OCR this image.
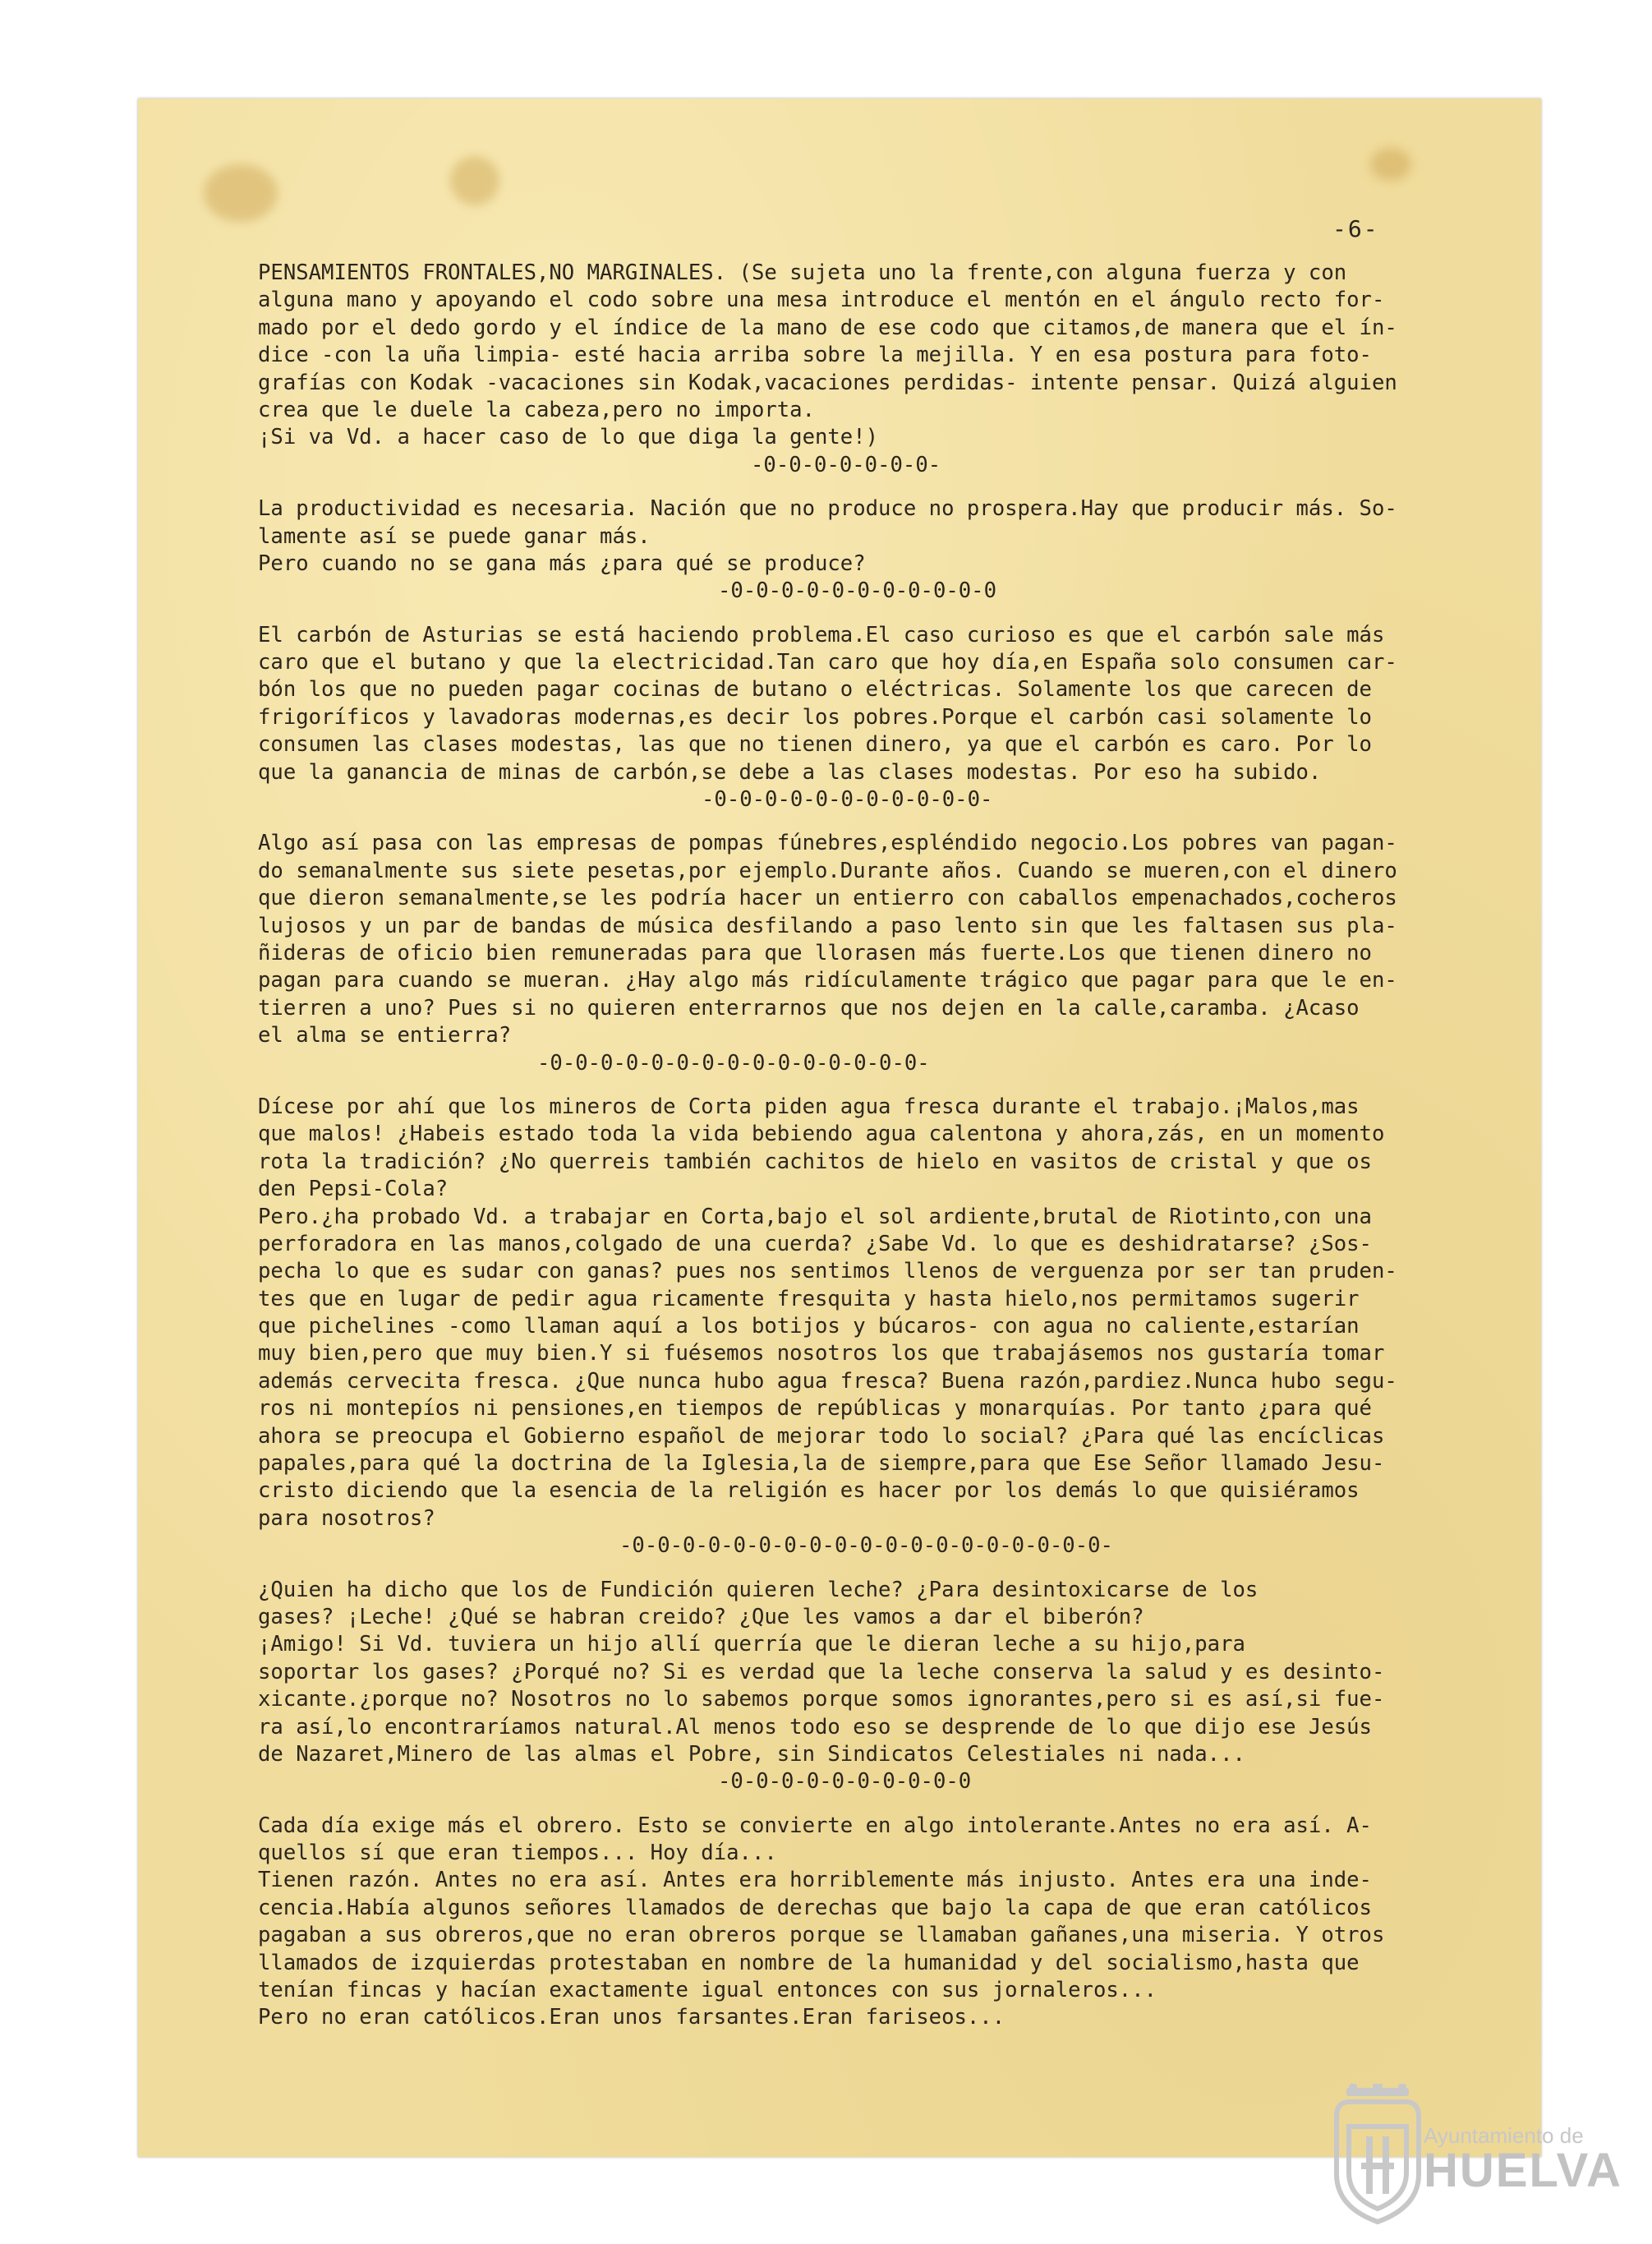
-6-
PENSAMIENTOS FRONTALES,NO MARGINALES. (Se sujeta uno la frente,con alguna fuerza y con
alguna mano y apoyando el codo sobre una mesa introduce el mentón en el ángulo recto for-
mado por el dedo gordo y el índice de la mano de ese codo que citamos,de manera que el ín-
dice -con la uña limpia- esté hacia arriba sobre la mejilla. Y en esa postura para foto-
grafías con Kodak -vacaciones sin Kodak,vacaciones perdidas- intente pensar. Quizá alguien
crea que le duele la cabeza,pero no importa.
¡Si va Vd. a hacer caso de lo que diga la gente!)
-0-0-0-0-0-0-0-
La productividad es necesaria. Nación que no produce no prospera.Hay que producir más. So-
lamente así se puede ganar más.
Pero cuando no se gana más ¿para qué se produce?
-0-0-0-0-0-0-0-0-0-0-0
El carbón de Asturias se está haciendo problema.El caso curioso es que el carbón sale más
caro que el butano y que la electricidad.Tan caro que hoy día,en España solo consumen car-
bón los que no pueden pagar cocinas de butano o eléctricas. Solamente los que carecen de
frigoríficos y lavadoras modernas,es decir los pobres.Porque el carbón casi solamente lo
consumen las clases modestas, las que no tienen dinero, ya que el carbón es caro. Por lo
que la ganancia de minas de carbón,se debe a las clases modestas. Por eso ha subido.
-0-0-0-0-0-0-0-0-0-0-0-
Algo así pasa con las empresas de pompas fúnebres,espléndido negocio.Los pobres van pagan-
do semanalmente sus siete pesetas,por ejemplo.Durante años. Cuando se mueren,con el dinero
que dieron semanalmente,se les podría hacer un entierro con caballos empenachados,cocheros
lujosos y un par de bandas de música desfilando a paso lento sin que les faltasen sus pla-
ñideras de oficio bien remuneradas para que llorasen más fuerte.Los que tienen dinero no
pagan para cuando se mueran. ¿Hay algo más ridículamente trágico que pagar para que le en-
tierren a uno? Pues si no quieren enterrarnos que nos dejen en la calle,caramba. ¿Acaso
el alma se entierra?
-0-0-0-0-0-0-0-0-0-0-0-0-0-0-0-
Dícese por ahí que los mineros de Corta piden agua fresca durante el trabajo.¡Malos,mas
que malos! ¿Habeis estado toda la vida bebiendo agua calentona y ahora,zás, en un momento
rota la tradición? ¿No querreis también cachitos de hielo en vasitos de cristal y que os
den Pepsi-Cola?
Pero.¿ha probado Vd. a trabajar en Corta,bajo el sol ardiente,brutal de Riotinto,con una
perforadora en las manos,colgado de una cuerda? ¿Sabe Vd. lo que es deshidratarse? ¿Sos-
pecha lo que es sudar con ganas? pues nos sentimos llenos de verguenza por ser tan pruden-
tes que en lugar de pedir agua ricamente fresquita y hasta hielo,nos permitamos sugerir
que pichelines -como llaman aquí a los botijos y búcaros- con agua no caliente,estarían
muy bien,pero que muy bien.Y si fuésemos nosotros los que trabajásemos nos gustaría tomar
además cervecita fresca. ¿Que nunca hubo agua fresca? Buena razón,pardiez.Nunca hubo segu-
ros ni montepíos ni pensiones,en tiempos de repúblicas y monarquías. Por tanto ¿para qué
ahora se preocupa el Gobierno español de mejorar todo lo social? ¿Para qué las encíclicas
papales,para qué la doctrina de la Iglesia,la de siempre,para que Ese Señor llamado Jesu-
cristo diciendo que la esencia de la religión es hacer por los demás lo que quisiéramos
para nosotros?
-0-0-0-0-0-0-0-0-0-0-0-0-0-0-0-0-0-0-0-
¿Quien ha dicho que los de Fundición quieren leche? ¿Para desintoxicarse de los
gases? ¡Leche! ¿Qué se habran creido? ¿Que les vamos a dar el biberón?
¡Amigo! Si Vd. tuviera un hijo allí querría que le dieran leche a su hijo,para
soportar los gases? ¿Porqué no? Si es verdad que la leche conserva la salud y es desinto-
xicante.¿porque no? Nosotros no lo sabemos porque somos ignorantes,pero si es así,si fue-
ra así,lo encontraríamos natural.Al menos todo eso se desprende de lo que dijo ese Jesús
de Nazaret,Minero de las almas el Pobre, sin Sindicatos Celestiales ni nada...
-0-0-0-0-0-0-0-0-0-0
Cada día exige más el obrero. Esto se convierte en algo intolerante.Antes no era así. A-
quellos sí que eran tiempos... Hoy día...
Tienen razón. Antes no era así. Antes era horriblemente más injusto. Antes era una inde-
cencia.Había algunos señores llamados de derechas que bajo la capa de que eran católicos
pagaban a sus obreros,que no eran obreros porque se llamaban gañanes,una miseria. Y otros
llamados de izquierdas protestaban en nombre de la humanidad y del socialismo,hasta que
tenían fincas y hacían exactamente igual entonces con sus jornaleros...
Pero no eran católicos.Eran unos farsantes.Eran fariseos...
Ayuntamiento de
HUELVA
